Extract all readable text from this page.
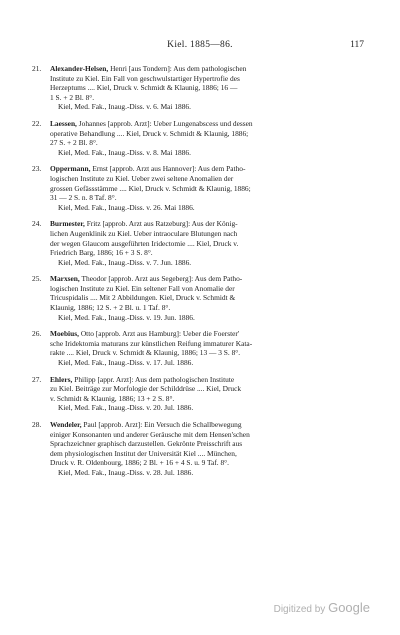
Kiel. 1885—86.	117
21. Alexander-Helsen, Henri [aus Tondern]: Aus dem pathologischen
Institute zu Kiel. Ein Fall von geschwulstartiger Hypertrofie des
Herzeptums .... Kiel, Druck v. Schmidt & Klaunig, 1886; 16 —
1 S. + 2 Bl. 8°.
Kiel, Med. Fak., Inaug.-Diss. v. 6. Mai 1886.
22. Laessen, Johannes [approb. Arzt]: Ueber Lungenabscess und dessen
operative Behandlung .... Kiel, Druck v. Schmidt & Klaunig, 1886;
27 S. + 2 Bl. 8°.
Kiel, Med. Fak., Inaug.-Diss. v. 8. Mai 1886.
23. Oppermann, Ernst [approb. Arzt aus Hannover]: Aus dem Patho-
logischen Institute zu Kiel. Ueber zwei seltene Anomalien der
grossen Gefässstämme .... Kiel, Druck v. Schmidt & Klaunig, 1886;
31 — 2 S. n. 8 Taf. 8°.
Kiel, Med. Fak., Inaug.-Diss. v. 26. Mai 1886.
24. Burmester, Fritz [approb. Arzt aus Ratzeburg]: Aus der König-
lichen Augenklinik zu Kiel. Ueber intraoculare Blutungen nach
der wegen Glaucom ausgeführten Iridectomie .... Kiel, Druck v.
Friedrich Barg, 1886; 16 + 3 S. 8°.
Kiel, Med. Fak., Inaug.-Diss. v. 7. Jun. 1886.
25. Marxsen, Theodor [approb. Arzt aus Segeberg]: Aus dem Patho-
logischen Institute zu Kiel. Ein seltener Fall von Anomalie der
Tricuspidalis .... Mit 2 Abbildungen. Kiel, Druck v. Schmidt &
Klaunig, 1886; 12 S. + 2 Bl. u. 1 Taf. 8°.
Kiel, Med. Fak., Inaug.-Diss. v. 19. Jun. 1886.
26. Moebius, Otto [approb. Arzt aus Hamburg]: Ueber die Foerster'
sche Iridektomia maturans zur künstlichen Reifung immaturer Kata-
rakte .... Kiel, Druck v. Schmidt & Klaunig, 1886; 13 — 3 S. 8°.
Kiel, Med. Fak., Inaug.-Diss. v. 17. Jul. 1886.
27. Ehlers, Philipp [appr. Arzt]: Aus dem pathologischen Institute
zu Kiel. Beiträge zur Morfologie der Schilddrüse .... Kiel, Druck
v. Schmidt & Klaunig, 1886; 13 + 2 S. 8°.
Kiel, Med. Fak., Inaug.-Diss. v. 20. Jul. 1886.
28. Wendeler, Paul [approb. Arzt]: Ein Versuch die Schallbewegung
einiger Konsonanten und anderer Geräusche mit dem Hensen'schen
Sprachzeichner graphisch darzustellen. Gekrönte Preisschrift aus
dem physiologischen Institut der Universität Kiel .... München,
Druck v. R. Oldenbourg, 1886; 2 Bl. + 16 + 4 S. u. 9 Taf. 8°.
Kiel, Med. Fak., Inaug.-Diss. v. 28. Jul. 1886.
Digitized by Google
